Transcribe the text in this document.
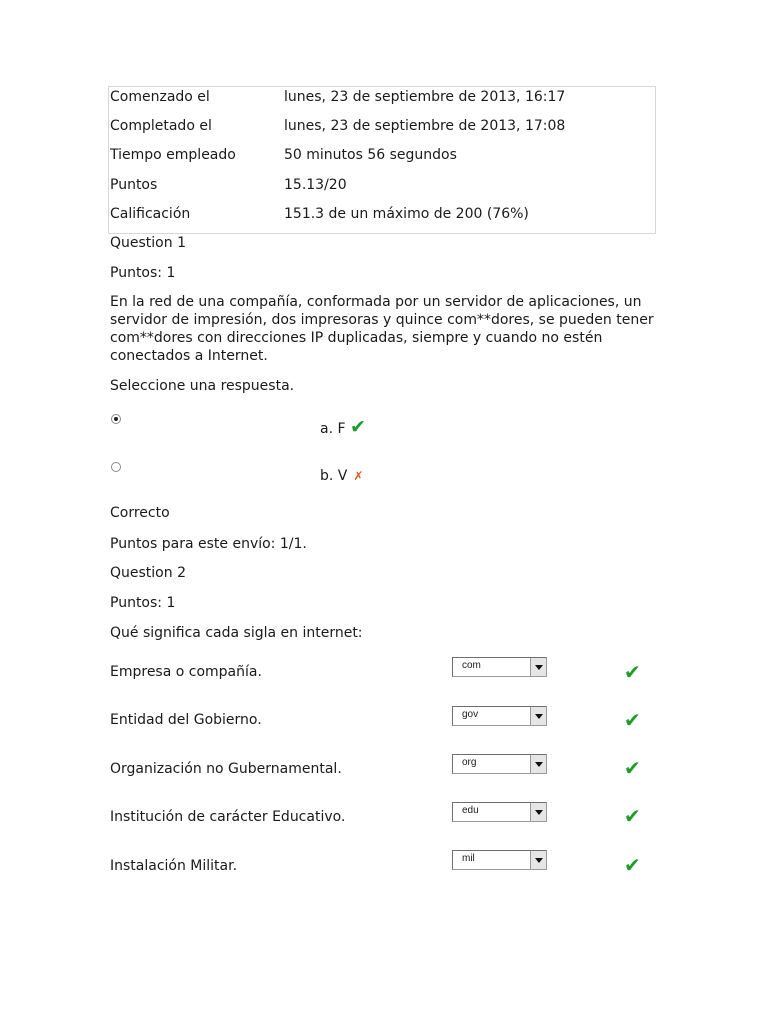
Comenzado el	lunes, 23 de septiembre de 2013, 16:17
Completado el	lunes, 23 de septiembre de 2013, 17:08
Tiempo empleado	50 minutos 56 segundos
Puntos	15.13/20
Calificación	151.3 de un máximo de 200 (76%)
Question 1
Puntos: 1
En la red de una compañía, conformada por un servidor de aplicaciones, un servidor de impresión, dos impresoras y quince com**dores, se pueden tener com**dores con direcciones IP duplicadas, siempre y cuando no estén conectados a Internet.
Seleccione una respuesta.
a. F ✔
b. V ✗
Correcto
Puntos para este envío: 1/1.
Question 2
Puntos: 1
Qué significa cada sigla en internet:
Empresa o compañía.	com	✔
Entidad del Gobierno.	gov	✔
Organización no Gubernamental.	org	✔
Institución de carácter Educativo.	edu	✔
Instalación Militar.	mil	✔
